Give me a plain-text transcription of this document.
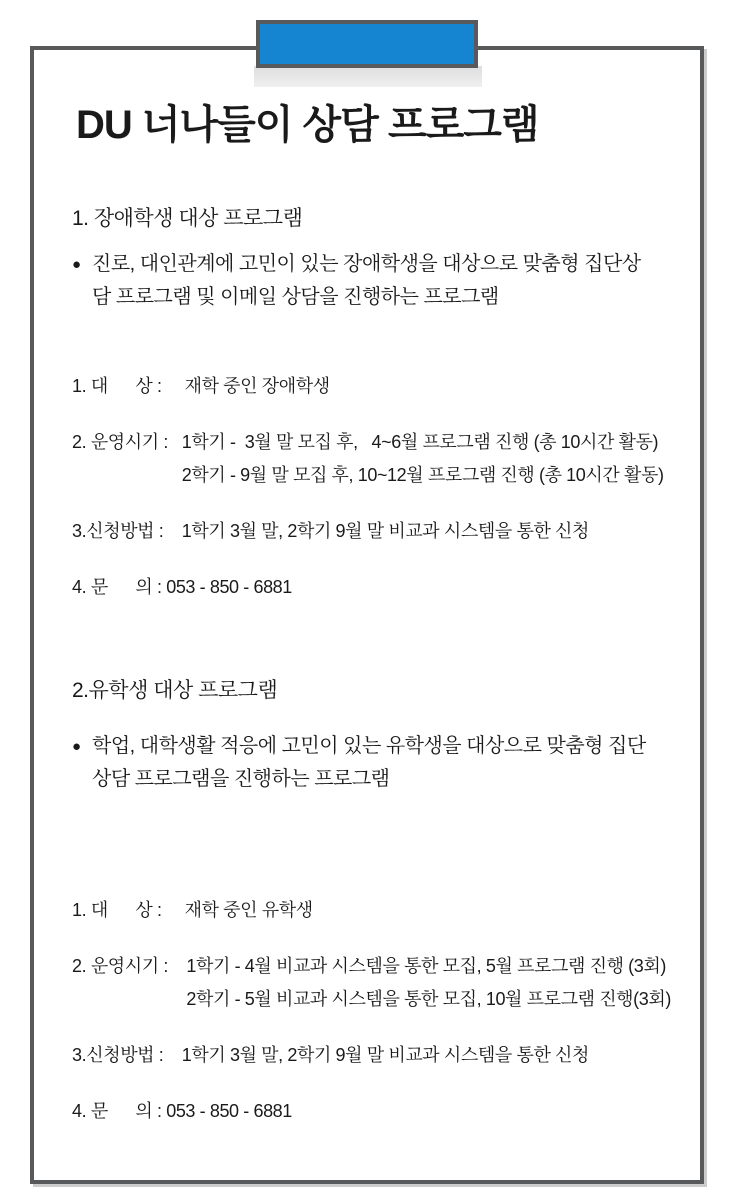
DU 너나들이 상담 프로그램
1. 장애학생 대상 프로그램
● 진로, 대인관계에 고민이 있는 장애학생을 대상으로 맞춤형 집단상
담 프로그램 및 이메일 상담을 진행하는 프로그램
1. 대      상 : 재학 중인 장애학생
2. 운영시기 : 1학기 -  3월 말 모집 후,   4~6월 프로그램 진행 (총 10시간 활동)
2학기 - 9월 말 모집 후, 10~12월 프로그램 진행 (총 10시간 활동)
3.신청방법 : 1학기 3월 말, 2학기 9월 말 비교과 시스템을 통한 신청
4. 문      의 : 053 - 850 - 6881
2.유학생 대상 프로그램
● 학업, 대학생활 적응에 고민이 있는 유학생을 대상으로 맞춤형 집단
상담 프로그램을 진행하는 프로그램
1. 대      상 : 재학 중인 유학생
2. 운영시기 : 1학기 - 4월 비교과 시스템을 통한 모집, 5월 프로그램 진행 (3회)
2학기 - 5월 비교과 시스템을 통한 모집, 10월 프로그램 진행(3회)
3.신청방법 : 1학기 3월 말, 2학기 9월 말 비교과 시스템을 통한 신청
4. 문      의 : 053 - 850 - 6881
